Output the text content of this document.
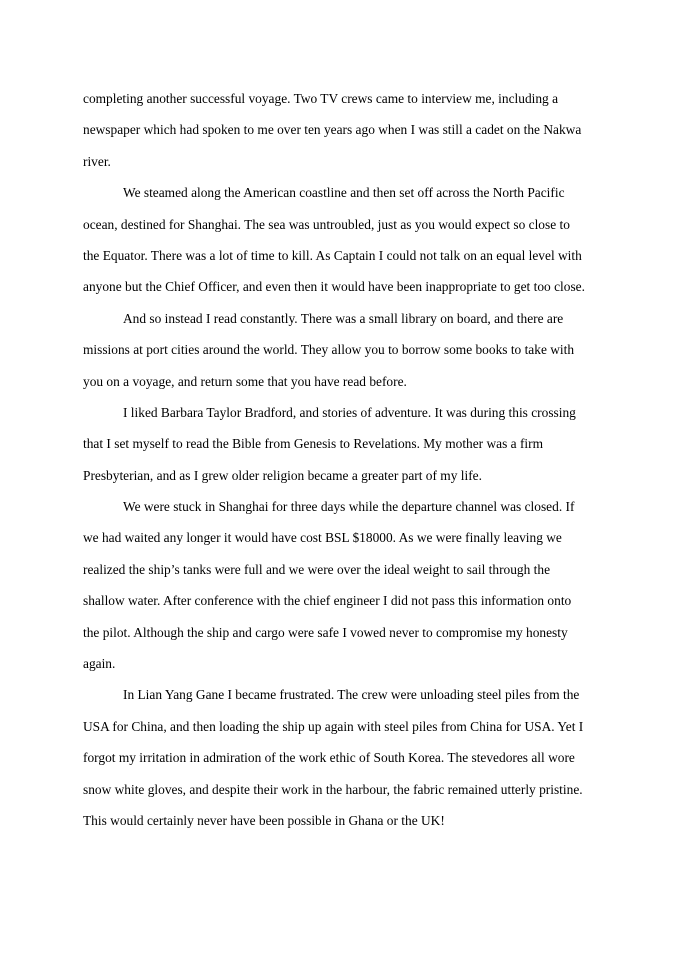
completing another successful voyage. Two TV crews came to interview me, including a
newspaper which had spoken to me over ten years ago when I was still a cadet on the Nakwa
river.
We steamed along the American coastline and then set off across the North Pacific
ocean, destined for Shanghai. The sea was untroubled, just as you would expect so close to
the Equator. There was a lot of time to kill. As Captain I could not talk on an equal level with
anyone but the Chief Officer, and even then it would have been inappropriate to get too close.
And so instead I read constantly. There was a small library on board, and there are
missions at port cities around the world. They allow you to borrow some books to take with
you on a voyage, and return some that you have read before.
I liked Barbara Taylor Bradford, and stories of adventure. It was during this crossing
that I set myself to read the Bible from Genesis to Revelations. My mother was a firm
Presbyterian, and as I grew older religion became a greater part of my life.
We were stuck in Shanghai for three days while the departure channel was closed. If
we had waited any longer it would have cost BSL $18000. As we were finally leaving we
realized the ship’s tanks were full and we were over the ideal weight to sail through the
shallow water. After conference with the chief engineer I did not pass this information onto
the pilot. Although the ship and cargo were safe I vowed never to compromise my honesty
again.
In Lian Yang Gane I became frustrated. The crew were unloading steel piles from the
USA for China, and then loading the ship up again with steel piles from China for USA. Yet I
forgot my irritation in admiration of the work ethic of South Korea. The stevedores all wore
snow white gloves, and despite their work in the harbour, the fabric remained utterly pristine.
This would certainly never have been possible in Ghana or the UK!
